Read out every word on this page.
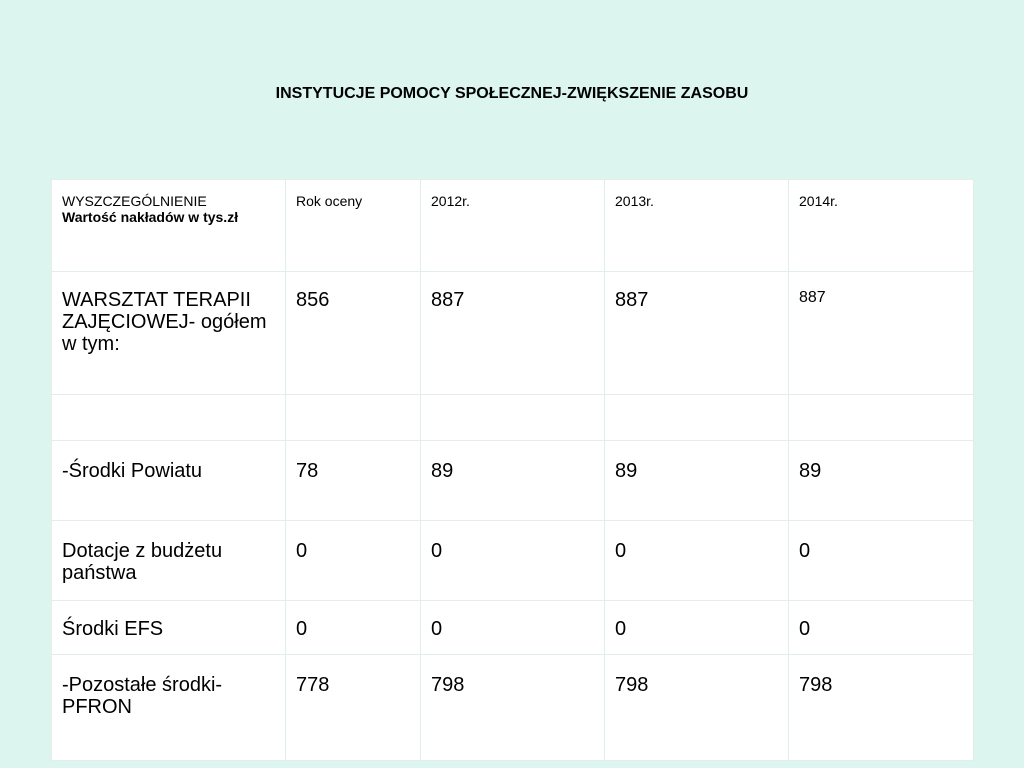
INSTYTUCJE POMOCY SPOŁECZNEJ-ZWIĘKSZENIE ZASOBU
WYSZCZEGÓLNIENIE
Wartość nakładów w tys.zł	Rok oceny	2012r.	2013r.	2014r.
WARSZTAT TERAPII ZAJĘCIOWEJ- ogółem w tym:	856	887	887	887

-Środki Powiatu	78	89	89	89
Dotacje z budżetu państwa	0	0	0	0
Środki EFS	0	0	0	0
-Pozostałe środki-PFRON	778	798	798	798
